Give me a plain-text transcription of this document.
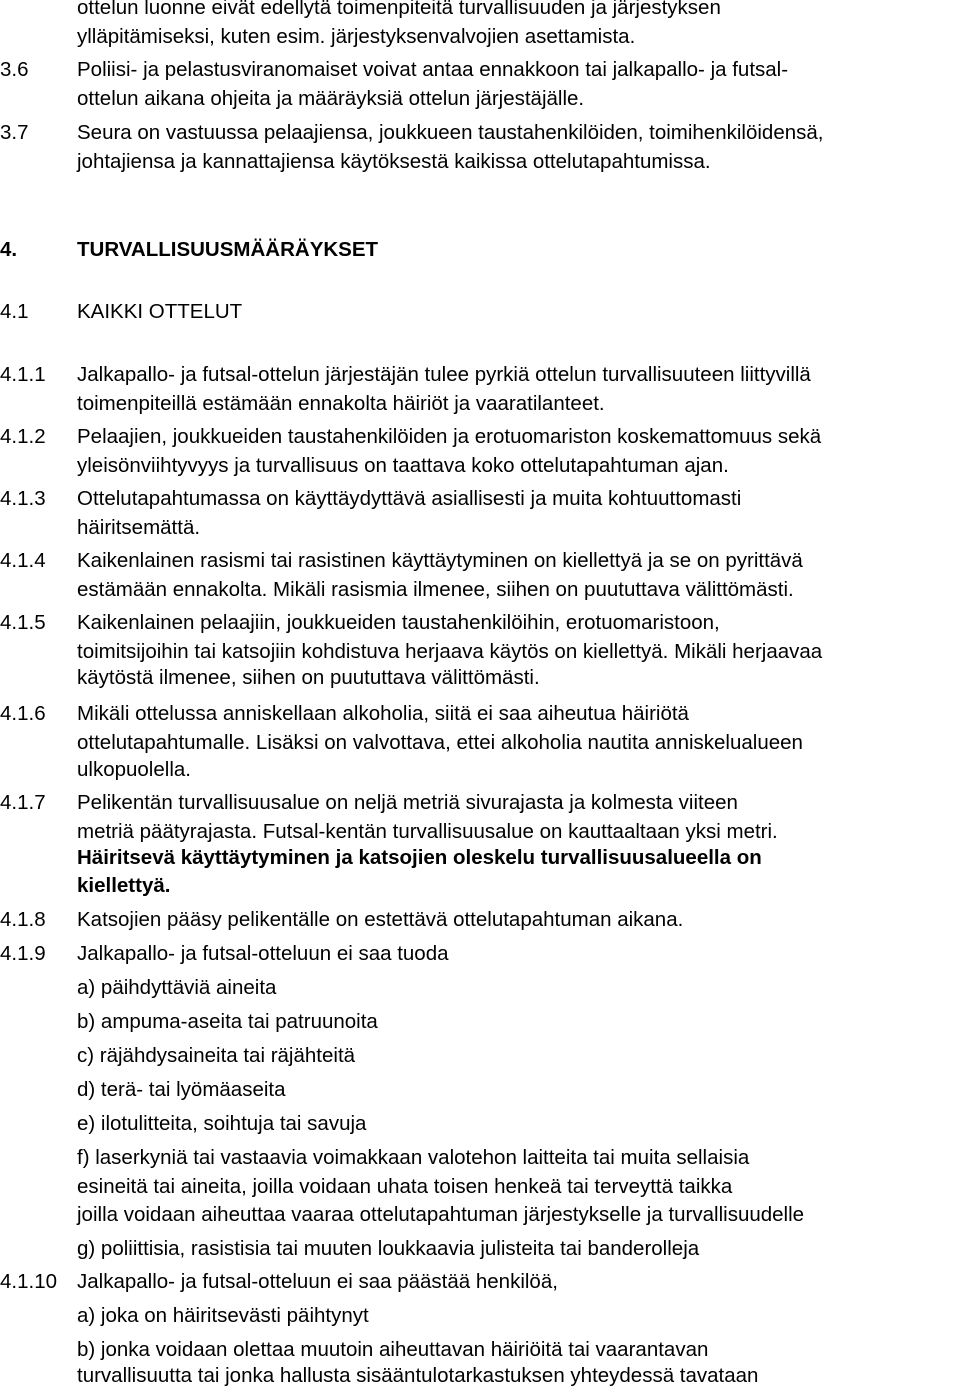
ottelun luonne eivät edellytä toimenpiteitä turvallisuuden ja järjestyksen
ylläpitämiseksi, kuten esim. järjestyksenvalvojien asettamista.
3.6 Poliisi- ja pelastusviranomaiset voivat antaa ennakkoon tai jalkapallo- ja futsal-
ottelun aikana ohjeita ja määräyksiä ottelun järjestäjälle.
3.7 Seura on vastuussa pelaajiensa, joukkueen taustahenkilöiden, toimihenkilöidensä,
johtajiensa ja kannattajiensa käytöksestä kaikissa ottelutapahtumissa.
4.	TURVALLISUUSMÄÄRÄYKSET
4.1 KAIKKI OTTELUT
4.1.1 Jalkapallo- ja futsal-ottelun järjestäjän tulee pyrkiä ottelun turvallisuuteen liittyvillä
toimenpiteillä estämään ennakolta häiriöt ja vaaratilanteet.
4.1.2 Pelaajien, joukkueiden taustahenkilöiden ja erotuomariston koskemattomuus sekä
yleisönviihtyvyys ja turvallisuus on taattava koko ottelutapahtuman ajan.
4.1.3 Ottelutapahtumassa on käyttäydyttävä asiallisesti ja muita kohtuuttomasti
häiritsemättä.
4.1.4 Kaikenlainen rasismi tai rasistinen käyttäytyminen on kiellettyä ja se on pyrittävä
estämään ennakolta. Mikäli rasismia ilmenee, siihen on puututtava välittömästi.
4.1.5 Kaikenlainen pelaajiin, joukkueiden taustahenkilöihin, erotuomaristoon,
toimitsijoihin tai katsojiin kohdistuva herjaava käytös on kiellettyä. Mikäli herjaavaa
käytöstä ilmenee, siihen on puututtava välittömästi.
4.1.6 Mikäli ottelussa anniskellaan alkoholia, siitä ei saa aiheutua häiriötä
ottelutapahtumalle. Lisäksi on valvottava, ettei alkoholia nautita anniskelualueen
ulkopuolella.
4.1.7 Pelikentän turvallisuusalue on neljä metriä sivurajasta ja kolmesta viiteen
metriä päätyrajasta. Futsal-kentän turvallisuusalue on kauttaaltaan yksi metri.
Häiritsevä käyttäytyminen ja katsojien oleskelu turvallisuusalueella on
kiellettyä.
4.1.8 Katsojien pääsy pelikentälle on estettävä ottelutapahtuman aikana.
4.1.9 Jalkapallo- ja futsal-otteluun ei saa tuoda
a) päihdyttäviä aineita
b) ampuma-aseita tai patruunoita
c) räjähdysaineita tai räjähteitä
d) terä- tai lyömäaseita
e) ilotulitteita, soihtuja tai savuja
f) laserkyniä tai vastaavia voimakkaan valotehon laitteita tai muita sellaisia
esineitä tai aineita, joilla voidaan uhata toisen henkeä tai terveyttä taikka
joilla voidaan aiheuttaa vaaraa ottelutapahtuman järjestykselle ja turvallisuudelle
g) poliittisia, rasistisia tai muuten loukkaavia julisteita tai banderolleja
4.1.10 Jalkapallo- ja futsal-otteluun ei saa päästää henkilöä,
a) joka on häiritsevästi päihtynyt
b) jonka voidaan olettaa muutoin aiheuttavan häiriöitä tai vaarantavan
turvallisuutta tai jonka hallusta sisääntulotarkastuksen yhteydessä tavataan
